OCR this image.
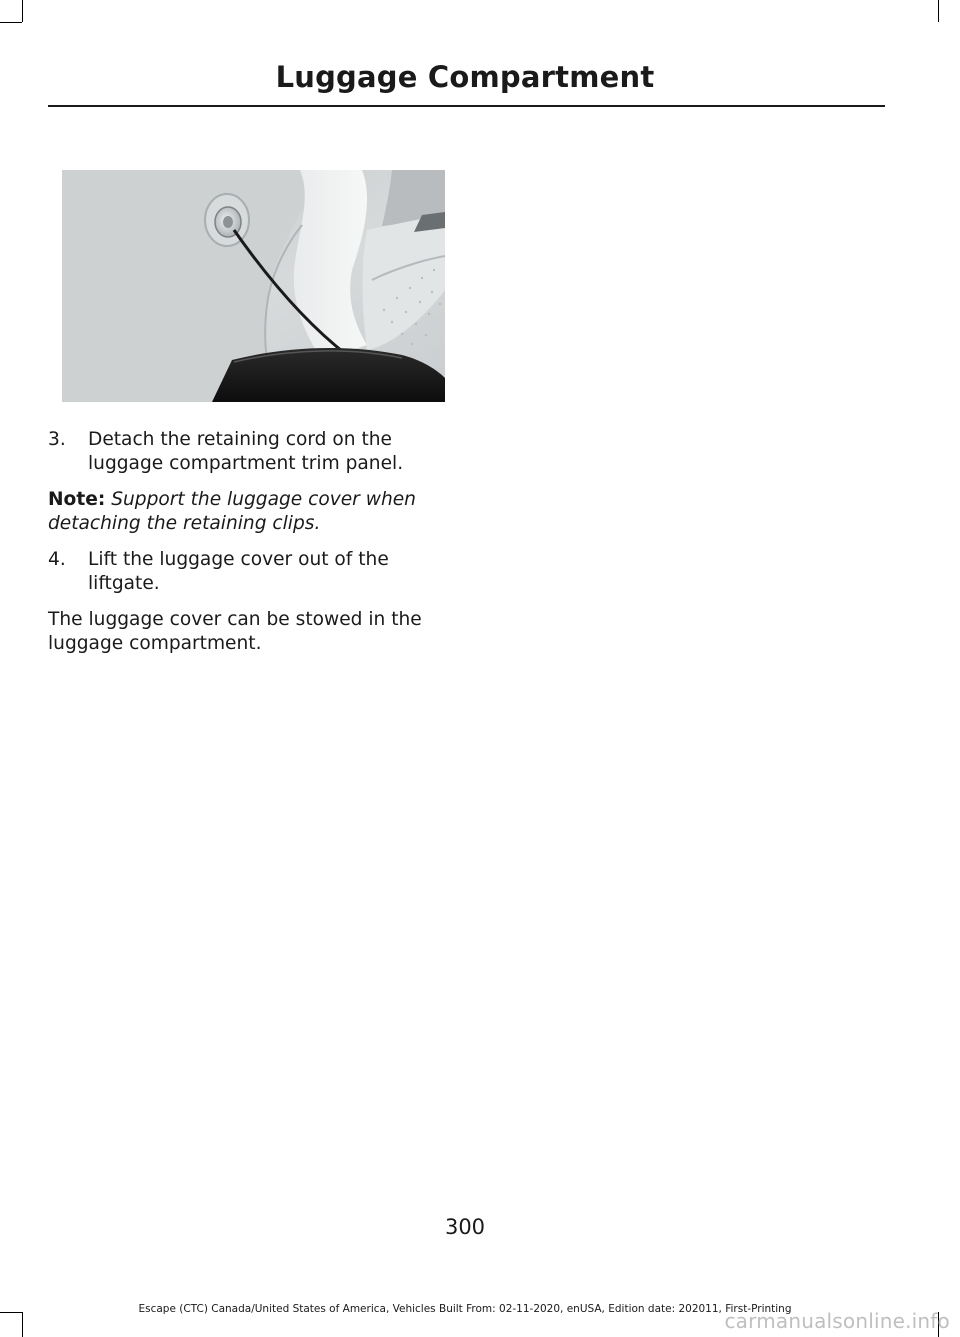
Luggage Compartment
3. Detach the retaining cord on the luggage compartment trim panel.

Note: Support the luggage cover when detaching the retaining clips.

4. Lift the luggage cover out of the liftgate.

The luggage cover can be stowed in the luggage compartment.

300
Escape (CTC) Canada/United States of America, Vehicles Built From: 02-11-2020, enUSA, Edition date: 202011, First-Printing
carmanualsonline.info
